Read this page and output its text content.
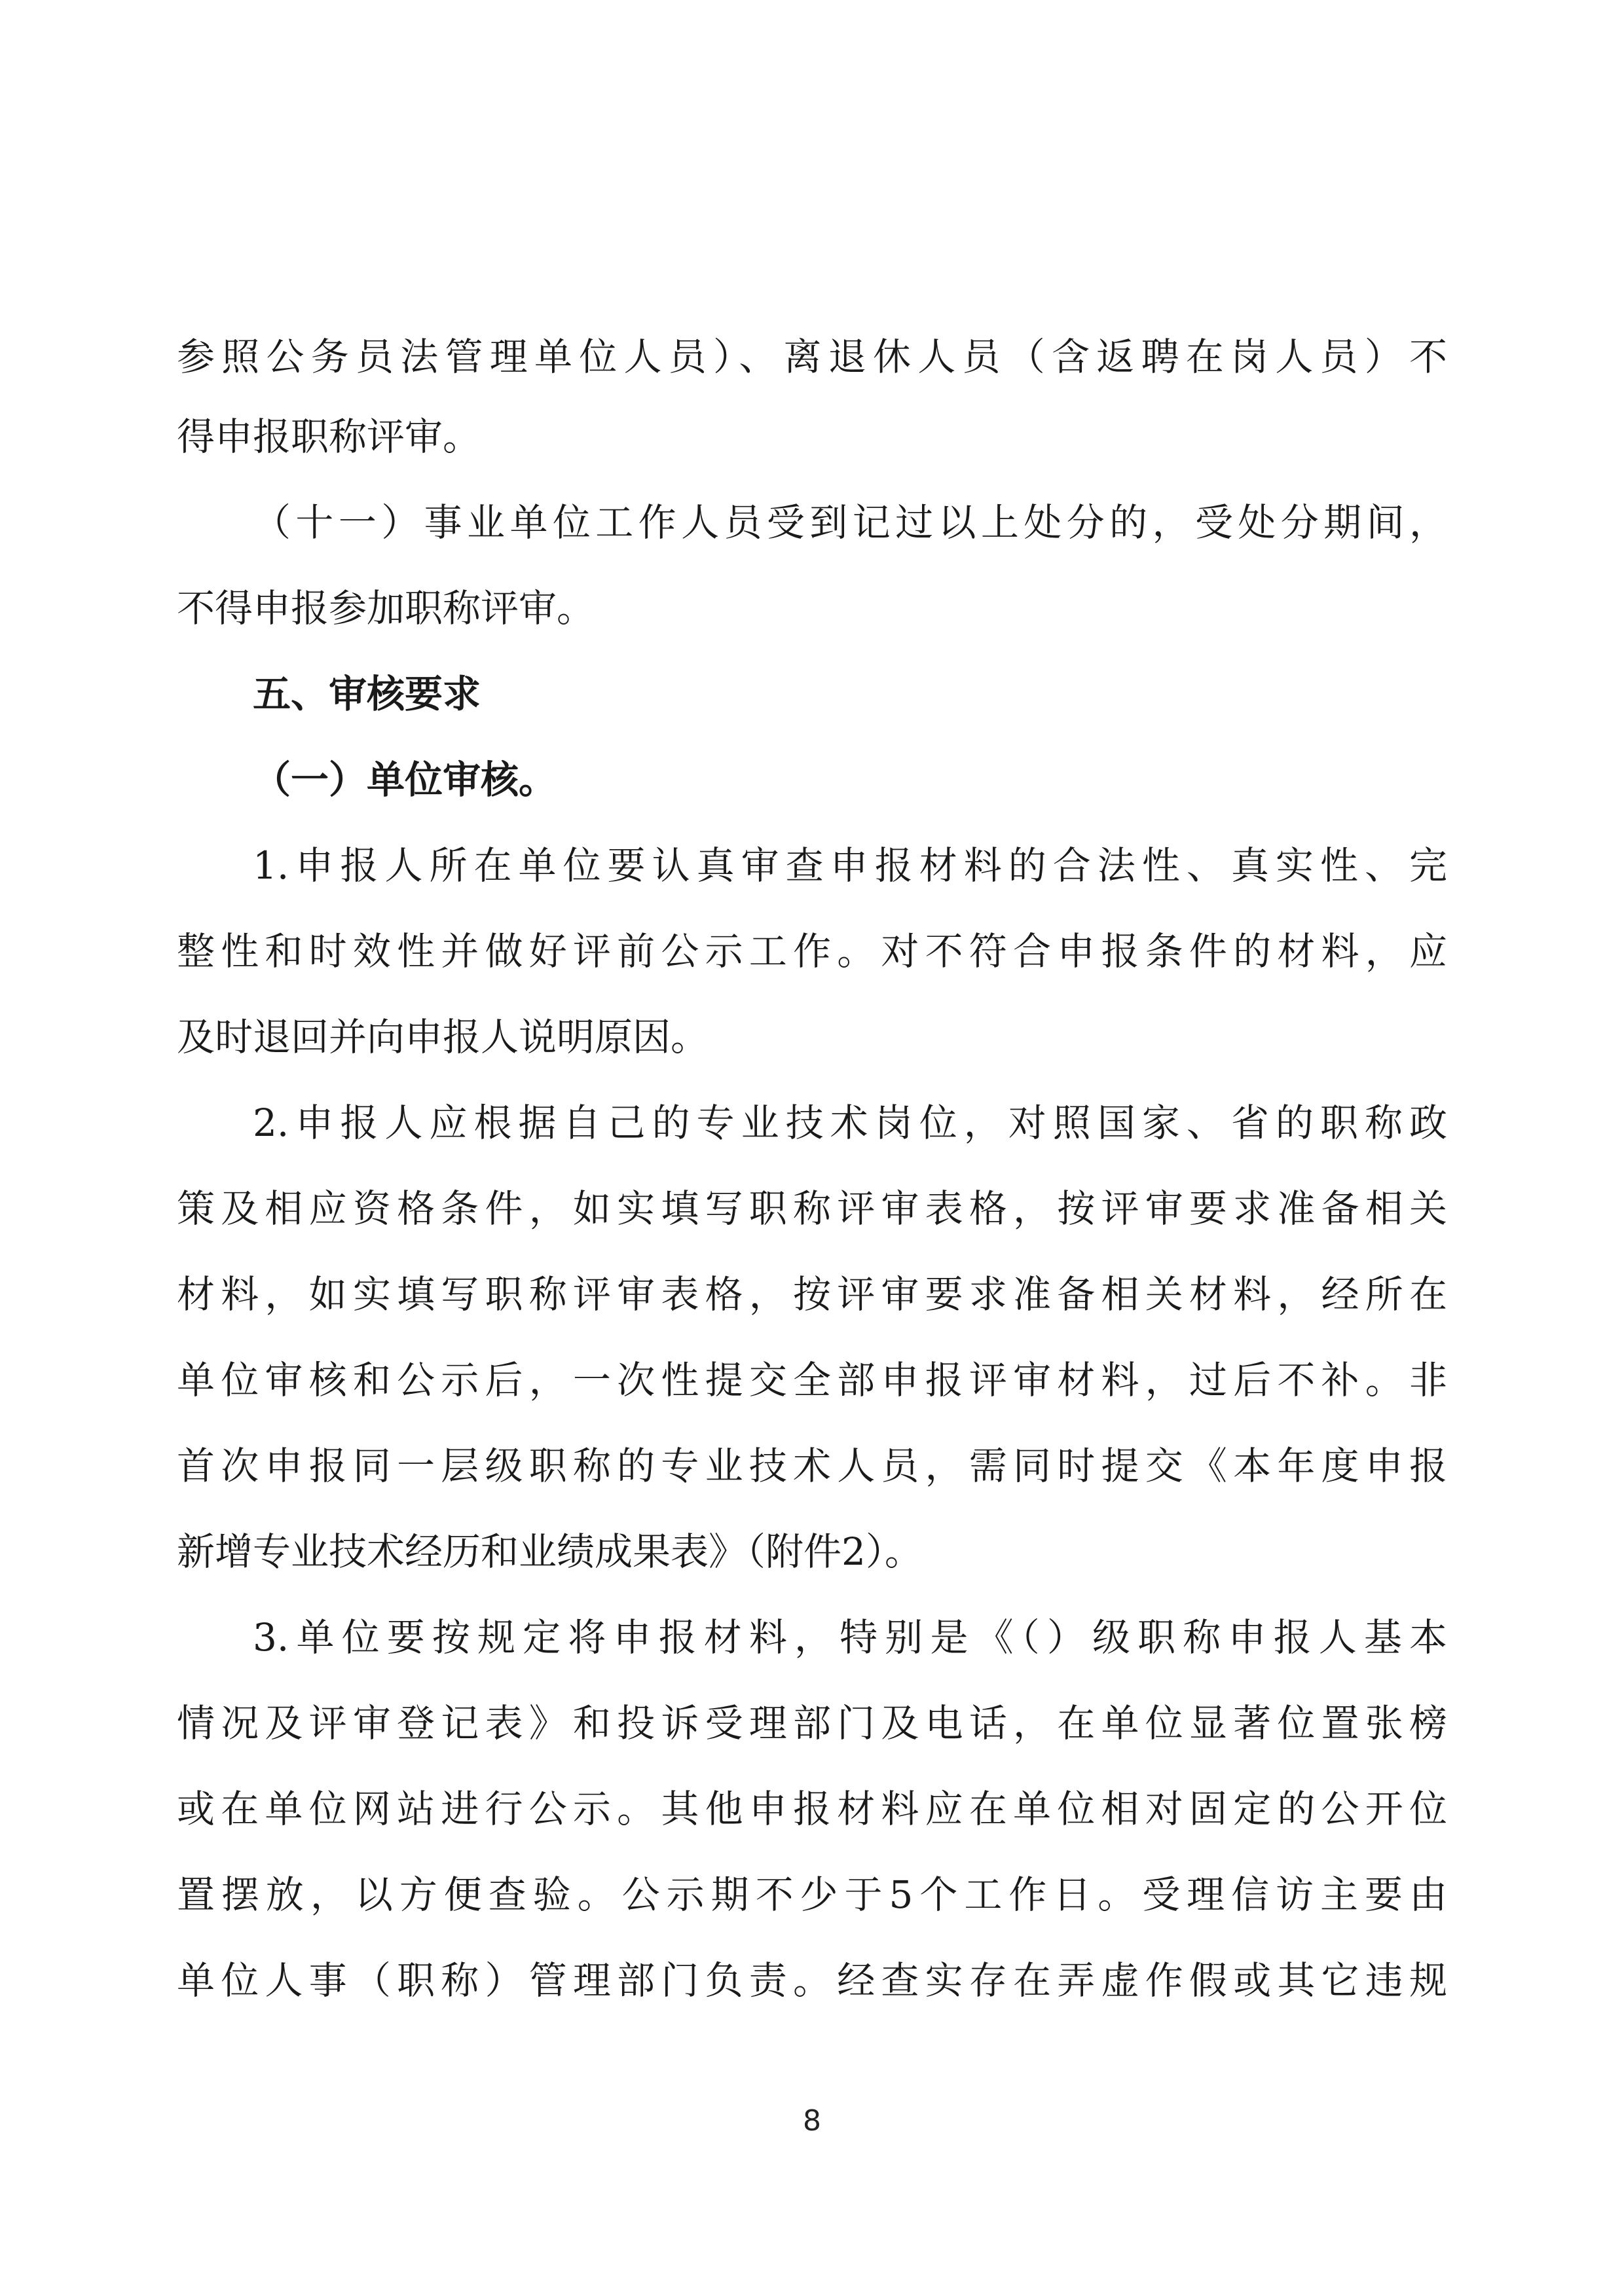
参照公务员法管理单位人员）、离退休人员（含返聘在岗人员）不
得申报职称评审。
（十一）事业单位工作人员受到记过以上处分的，受处分期间，
不得申报参加职称评审。
五、审核要求
（一）单位审核。
1.申报人所在单位要认真审查申报材料的合法性、真实性、完
整性和时效性并做好评前公示工作。对不符合申报条件的材料，应
及时退回并向申报人说明原因。
2.申报人应根据自己的专业技术岗位，对照国家、省的职称政
策及相应资格条件，如实填写职称评审表格，按评审要求准备相关
材料，如实填写职称评审表格，按评审要求准备相关材料，经所在
单位审核和公示后，一次性提交全部申报评审材料，过后不补。非
首次申报同一层级职称的专业技术人员，需同时提交《本年度申报
新增专业技术经历和业绩成果表》（附件2）。
3.单位要按规定将申报材料，特别是《（）级职称申报人基本
情况及评审登记表》和投诉受理部门及电话，在单位显著位置张榜
或在单位网站进行公示。其他申报材料应在单位相对固定的公开位
置摆放，以方便查验。公示期不少于5个工作日。受理信访主要由
单位人事（职称）管理部门负责。经查实存在弄虚作假或其它违规
8
